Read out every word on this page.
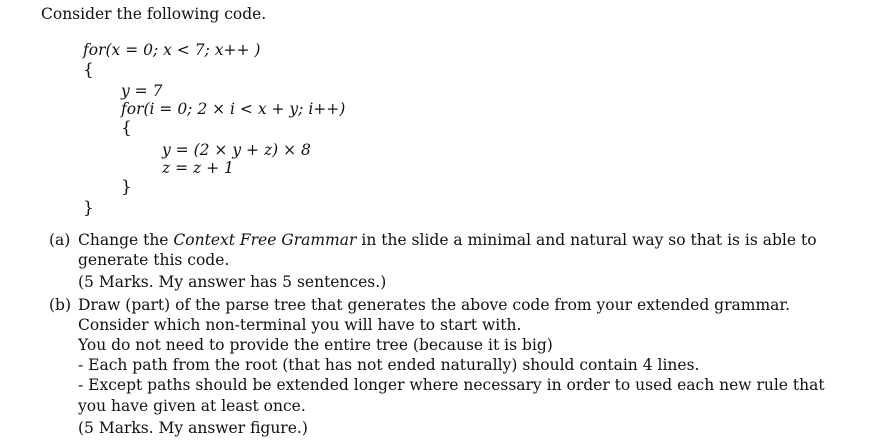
Consider the following code.
for(x = 0; x < 7; x++ )
{
y = 7
for(i = 0; 2 × i < x + y; i++)
{
y = (2 × y + z) × 8
z = z + 1
}
}
(a) Change the Context Free Grammar in the slide a minimal and natural way so that is is able to
generate this code.
(5 Marks. My answer has 5 sentences.)
(b) Draw (part) of the parse tree that generates the above code from your extended grammar.
Consider which non-terminal you will have to start with.
You do not need to provide the entire tree (because it is big)
- Each path from the root (that has not ended naturally) should contain 4 lines.
- Except paths should be extended longer where necessary in order to used each new rule that
you have given at least once.
(5 Marks. My answer figure.)
